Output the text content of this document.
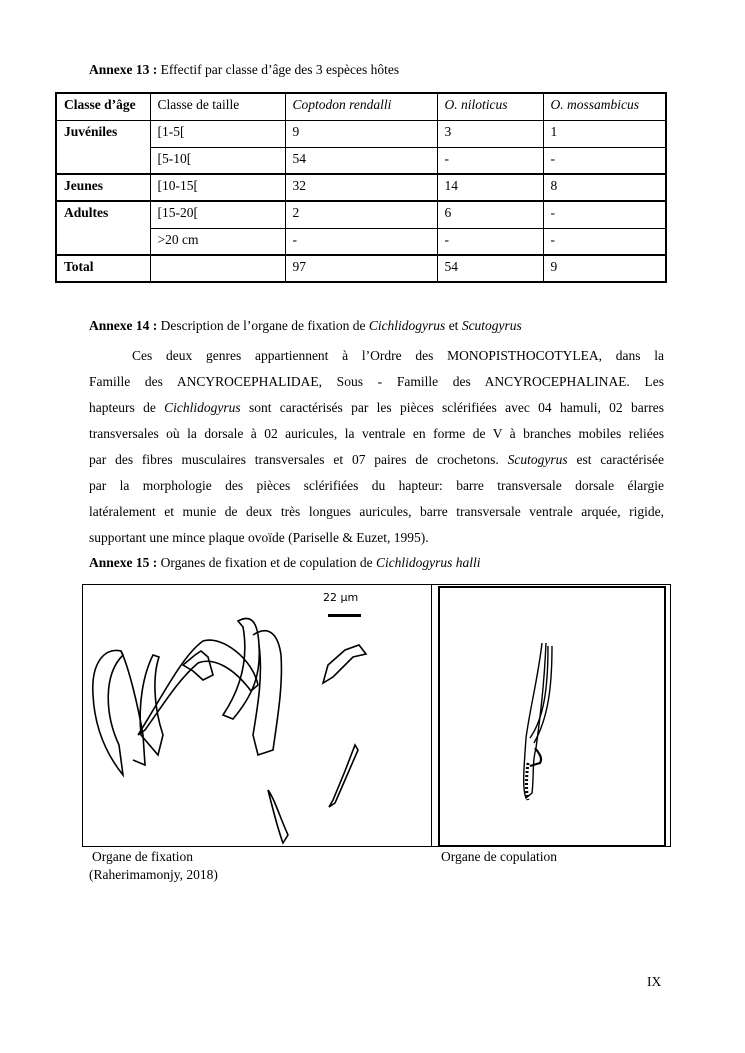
Annexe 13 : Effectif par classe d’âge des 3 espèces hôtes
Classe d’âge	Classe de taille	Coptodon rendalli	O. niloticus	O. mossambicus
Juvéniles	[1-5[	9	3	1
	[5-10[	54	-	-
Jeunes	[10-15[	32	14	8
Adultes	[15-20[	2	6	-
	>20 cm	-	-	-
Total		97	54	9
Annexe 14 : Description de l’organe de fixation de Cichlidogyrus et Scutogyrus
Ces deux genres appartiennent à l’Ordre des MONOPISTHOCOTYLEA, dans la
Famille des ANCYROCEPHALIDAE, Sous - Famille des ANCYROCEPHALINAE. Les
hapteurs de Cichlidogyrus sont caractérisés par les pièces sclérifiées avec 04 hamuli, 02 barres
transversales où la dorsale à 02 auricules, la ventrale en forme de V à branches mobiles reliées
par des fibres musculaires transversales et 07 paires de crochetons. Scutogyrus est caractérisée
par la morphologie des pièces sclérifiées du hapteur: barre transversale dorsale élargie
latéralement et munie de deux très longues auricules, barre transversale ventrale arquée, rigide,
supportant une mince plaque ovoïde (Pariselle & Euzet, 1995).
Annexe 15 : Organes de fixation et de copulation de Cichlidogyrus halli
22 µm
Organe de fixation
(Raherimamonjy, 2018)
Organe de copulation
IX
